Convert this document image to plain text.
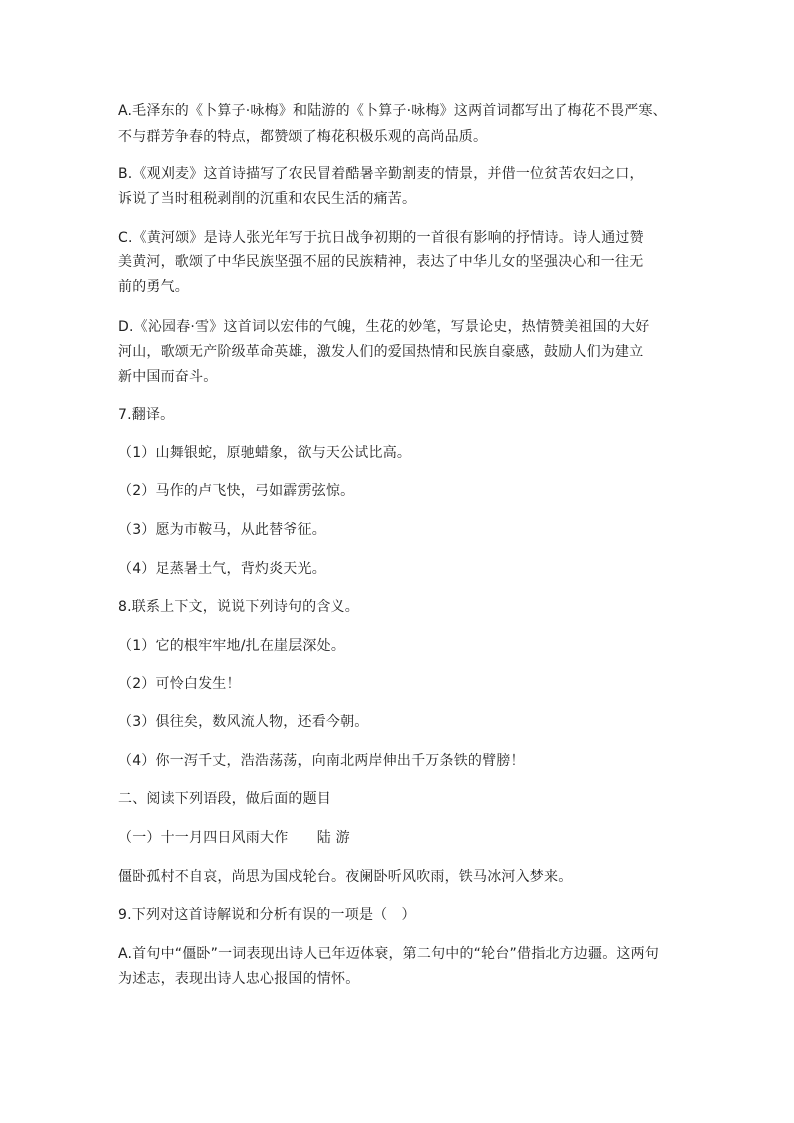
A.毛泽东的《卜算子·咏梅》和陆游的《卜算子·咏梅》这两首词都写出了梅花不畏严寒、
不与群芳争春的特点，都赞颂了梅花积极乐观的高尚品质。
B.《观刈麦》这首诗描写了农民冒着酷暑辛勤割麦的情景，并借一位贫苦农妇之口，
诉说了当时租税剥削的沉重和农民生活的痛苦。
C.《黄河颂》是诗人张光年写于抗日战争初期的一首很有影响的抒情诗。诗人通过赞
美黄河，歌颂了中华民族坚强不屈的民族精神，表达了中华儿女的坚强决心和一往无
前的勇气。
D.《沁园春·雪》这首词以宏伟的气魄，生花的妙笔，写景论史，热情赞美祖国的大好
河山，歌颂无产阶级革命英雄，激发人们的爱国热情和民族自豪感，鼓励人们为建立
新中国而奋斗。
7.翻译。
（1）山舞银蛇，原驰蜡象，欲与天公试比高。
（2）马作的卢飞快，弓如霹雳弦惊。
（3）愿为市鞍马，从此替爷征。
（4）足蒸暑土气，背灼炎天光。
8.联系上下文，说说下列诗句的含义。
（1）它的根牢牢地/扎在崖层深处。
（2）可怜白发生！
（3）俱往矣，数风流人物，还看今朝。
（4）你一泻千丈，浩浩荡荡，向南北两岸伸出千万条铁的臂膀！
二、阅读下列语段，做后面的题目
（一）十一月四日风雨大作　　陆 游
僵卧孤村不自哀，尚思为国戍轮台。夜阑卧听风吹雨，铁马冰河入梦来。
9.下列对这首诗解说和分析有误的一项是（　）
A.首句中“僵卧”一词表现出诗人已年迈体衰，第二句中的“轮台”借指北方边疆。这两句
为述志，表现出诗人忠心报国的情怀。
